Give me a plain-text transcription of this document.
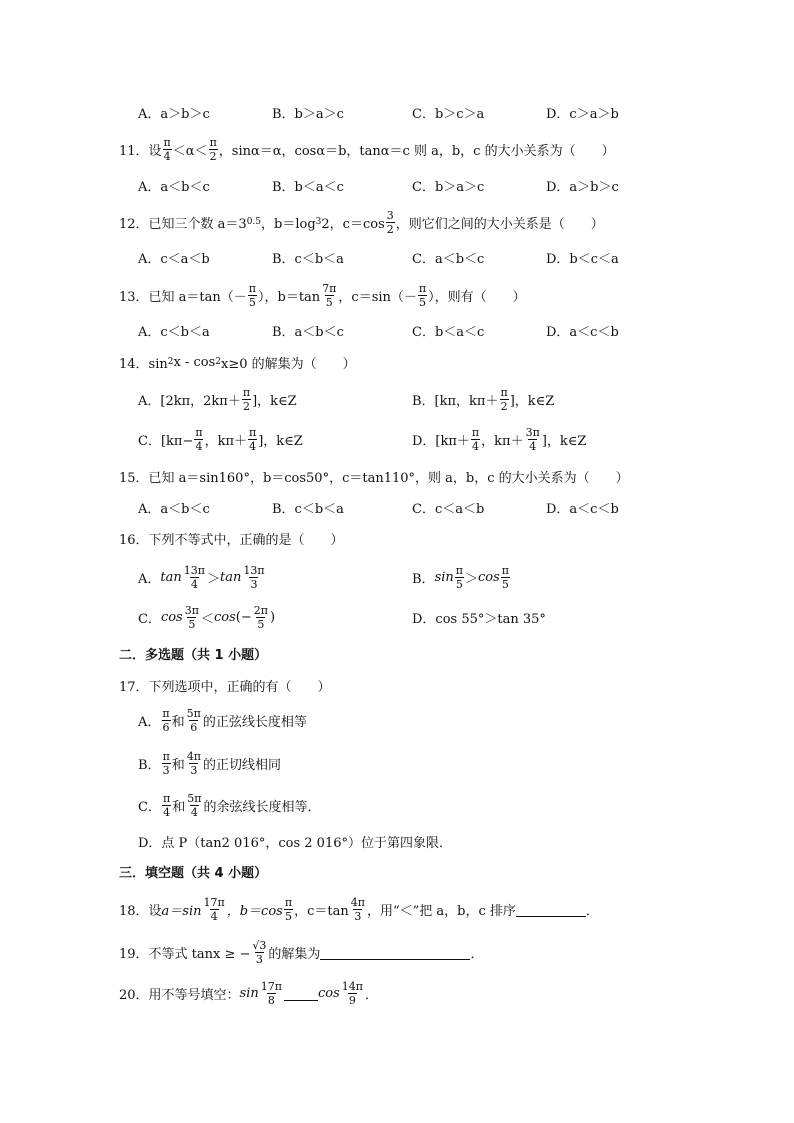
A．a＞b＞c	B．b＞a＞c	C．b＞c＞a	D．c＞a＞b
11．设 $\frac{\pi}{4} <\alpha< \frac{\pi}{2}$ ，sinα＝α，cosα＝b，tanα＝c 则 a，b，c 的大小关系为（　　）
A．a＜b＜c	B．b＜a＜c	C．b＞a＞c	D．a＞b＞c
12．已知三个数 a＝3 0.5 ，b＝log 3 2，$c=\cos \frac{3}{2}$ ，则它们之间的大小关系是（　　）
A．c＜a＜b	B．c＜b＜a	C．a＜b＜c	D．b＜c＜a
13．已知 $a=\tan(- \frac{\pi}{5}$ ），$b=\tan \frac{7\pi}{5}$ ，$c=\sin(- \frac{\pi}{5}$ ），则有（　　）
A．c＜b＜a	B．a＜b＜c	C．b＜a＜c	D．a＜c＜b
14．sin 2 x - cos 2 x≥0 的解集为（　　）
A．[2kπ，$2k\pi+ \frac{\pi}{2}$ ]，k∈Z	B．[kπ，$k\pi+ \frac{\pi}{2}$ ]，k∈Z
C．[$k\pi- \frac{\pi}{4}$ ，$k\pi+ \frac{\pi}{4}$ ]，k∈Z	D．[$k\pi+ \frac{\pi}{4}$ ，$k\pi+ \frac{3\pi}{4}$ ]，k∈Z
15．已知 a＝sin160°，b＝cos50°，c＝tan110°，则 a，b，c 的大小关系为（　　）
A．a＜b＜c	B．c＜b＜a	C．c＜a＜b	D．a＜c＜b
16．下列不等式中，正确的是（　　）
A． $\tan \frac{13\pi}{4} > \tan \frac{13\pi}{3}$	B． $\sin \frac{\pi}{5} > \cos \frac{\pi}{5}$
C． $\cos \frac{3\pi}{5} < \cos$ (− $\frac{2\pi}{5}$ )	D．cos 55°＞tan 35°
二．多选题（共 1 小题）
17．下列选项中，正确的有（　　）
A． $\frac{\pi}{6}$ 和 $\frac{5\pi}{6}$ 的正弦线长度相等
B． $\frac{\pi}{3}$ 和 $\frac{4\pi}{3}$ 的正切线相同
C． $\frac{\pi}{4}$ 和 $\frac{5\pi}{4}$ 的余弦线长度相等．
D．点 P（tan2 016°，cos 2 016°）位于第四象限．
三．填空题（共 4 小题）
18．设 $a=\sin \frac{17\pi}{4}$ ，$b=\cos \frac{\pi}{5}$ ，$c=\tan \frac{4\pi}{3}$ ，用“＜”把 a，b，c 排序	．
19．不等式 tanx ≥ − $\frac{√3}{3}$ 的解集为	．
20．用不等号填空： $\sin \frac{17\pi}{8}$	$\cos \frac{14\pi}{9}$ ．
